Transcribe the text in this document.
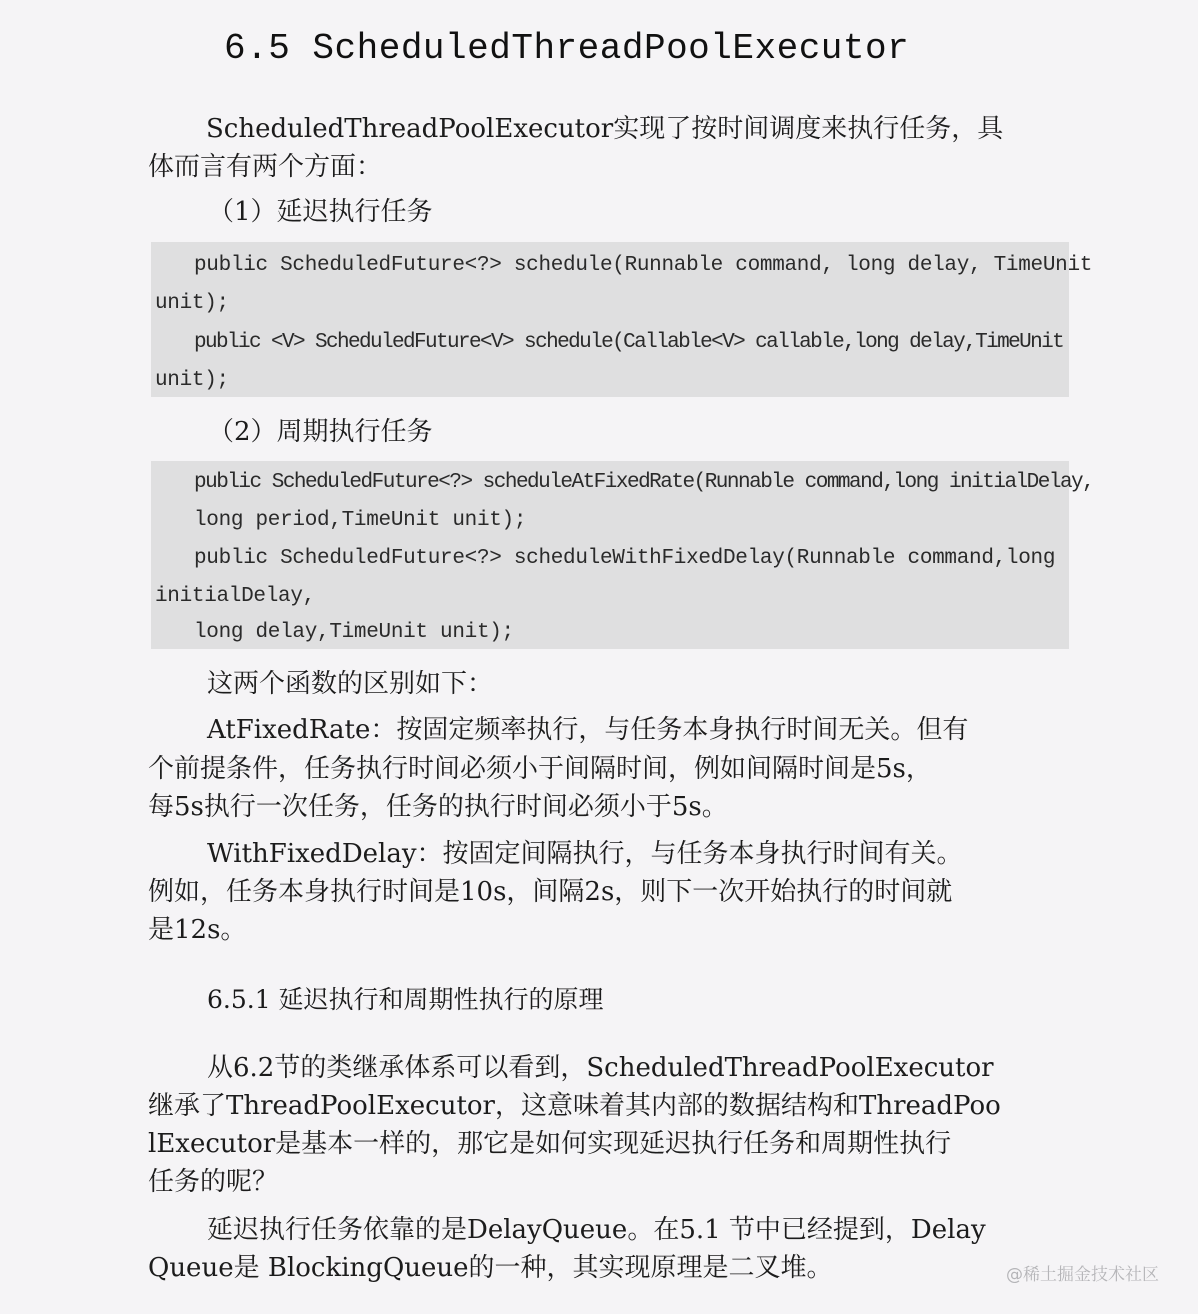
6.5 ScheduledThreadPoolExecutor
ScheduledThreadPoolExecutor实现了按时间调度来执行任务，具
体而言有两个方面：
（1）延迟执行任务
public ScheduledFuture<?> schedule(Runnable command, long delay, TimeUnit
unit);
public <V> ScheduledFuture<V> schedule(Callable<V> callable,long delay,TimeUnit
unit);
（2）周期执行任务
public ScheduledFuture<?> scheduleAtFixedRate(Runnable command,long initialDelay,
long period,TimeUnit unit);
public ScheduledFuture<?> scheduleWithFixedDelay(Runnable command,long
initialDelay,
long delay,TimeUnit unit);
这两个函数的区别如下：
AtFixedRate：按固定频率执行，与任务本身执行时间无关。但有
个前提条件，任务执行时间必须小于间隔时间，例如间隔时间是5s，
每5s执行一次任务，任务的执行时间必须小于5s。
WithFixedDelay：按固定间隔执行，与任务本身执行时间有关。
例如，任务本身执行时间是10s，间隔2s，则下一次开始执行的时间就
是12s。
6.5.1 延迟执行和周期性执行的原理
从6.2节的类继承体系可以看到，ScheduledThreadPoolExecutor
继承了ThreadPoolExecutor，这意味着其内部的数据结构和ThreadPoo
lExecutor是基本一样的，那它是如何实现延迟执行任务和周期性执行
任务的呢？
延迟执行任务依靠的是DelayQueue。在5.1 节中已经提到，Delay
Queue是 BlockingQueue的一种，其实现原理是二叉堆。	@稀土掘金技术社区
